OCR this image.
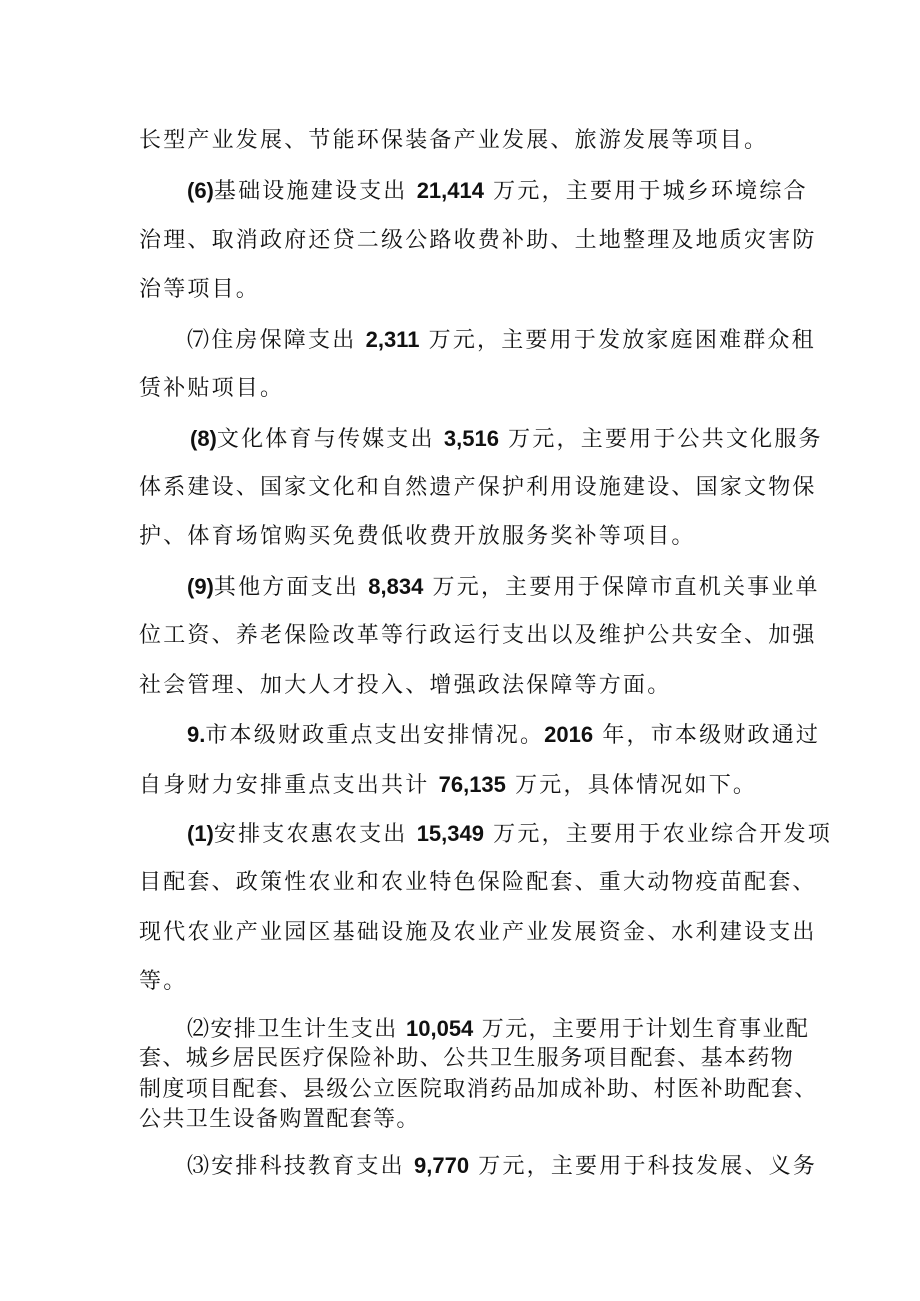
长型产业发展、节能环保装备产业发展、旅游发展等项目。
(6)基础设施建设支出 21,414 万元，主要用于城乡环境综合
治理、取消政府还贷二级公路收费补助、土地整理及地质灾害防
治等项目。
⑺住房保障支出 2,311 万元，主要用于发放家庭困难群众租
赁补贴项目。
(8)文化体育与传媒支出 3,516 万元，主要用于公共文化服务
体系建设、国家文化和自然遗产保护利用设施建设、国家文物保
护、体育场馆购买免费低收费开放服务奖补等项目。
(9)其他方面支出 8,834 万元，主要用于保障市直机关事业单
位工资、养老保险改革等行政运行支出以及维护公共安全、加强
社会管理、加大人才投入、增强政法保障等方面。
9.市本级财政重点支出安排情况。2016 年，市本级财政通过
自身财力安排重点支出共计 76,135 万元，具体情况如下。
(1)安排支农惠农支出 15,349 万元，主要用于农业综合开发项
目配套、政策性农业和农业特色保险配套、重大动物疫苗配套、
现代农业产业园区基础设施及农业产业发展资金、水利建设支出
等。
⑵安排卫生计生支出 10,054 万元，主要用于计划生育事业配
套、城乡居民医疗保险补助、公共卫生服务项目配套、基本药物
制度项目配套、县级公立医院取消药品加成补助、村医补助配套、
公共卫生设备购置配套等。
⑶安排科技教育支出 9,770 万元，主要用于科技发展、义务
